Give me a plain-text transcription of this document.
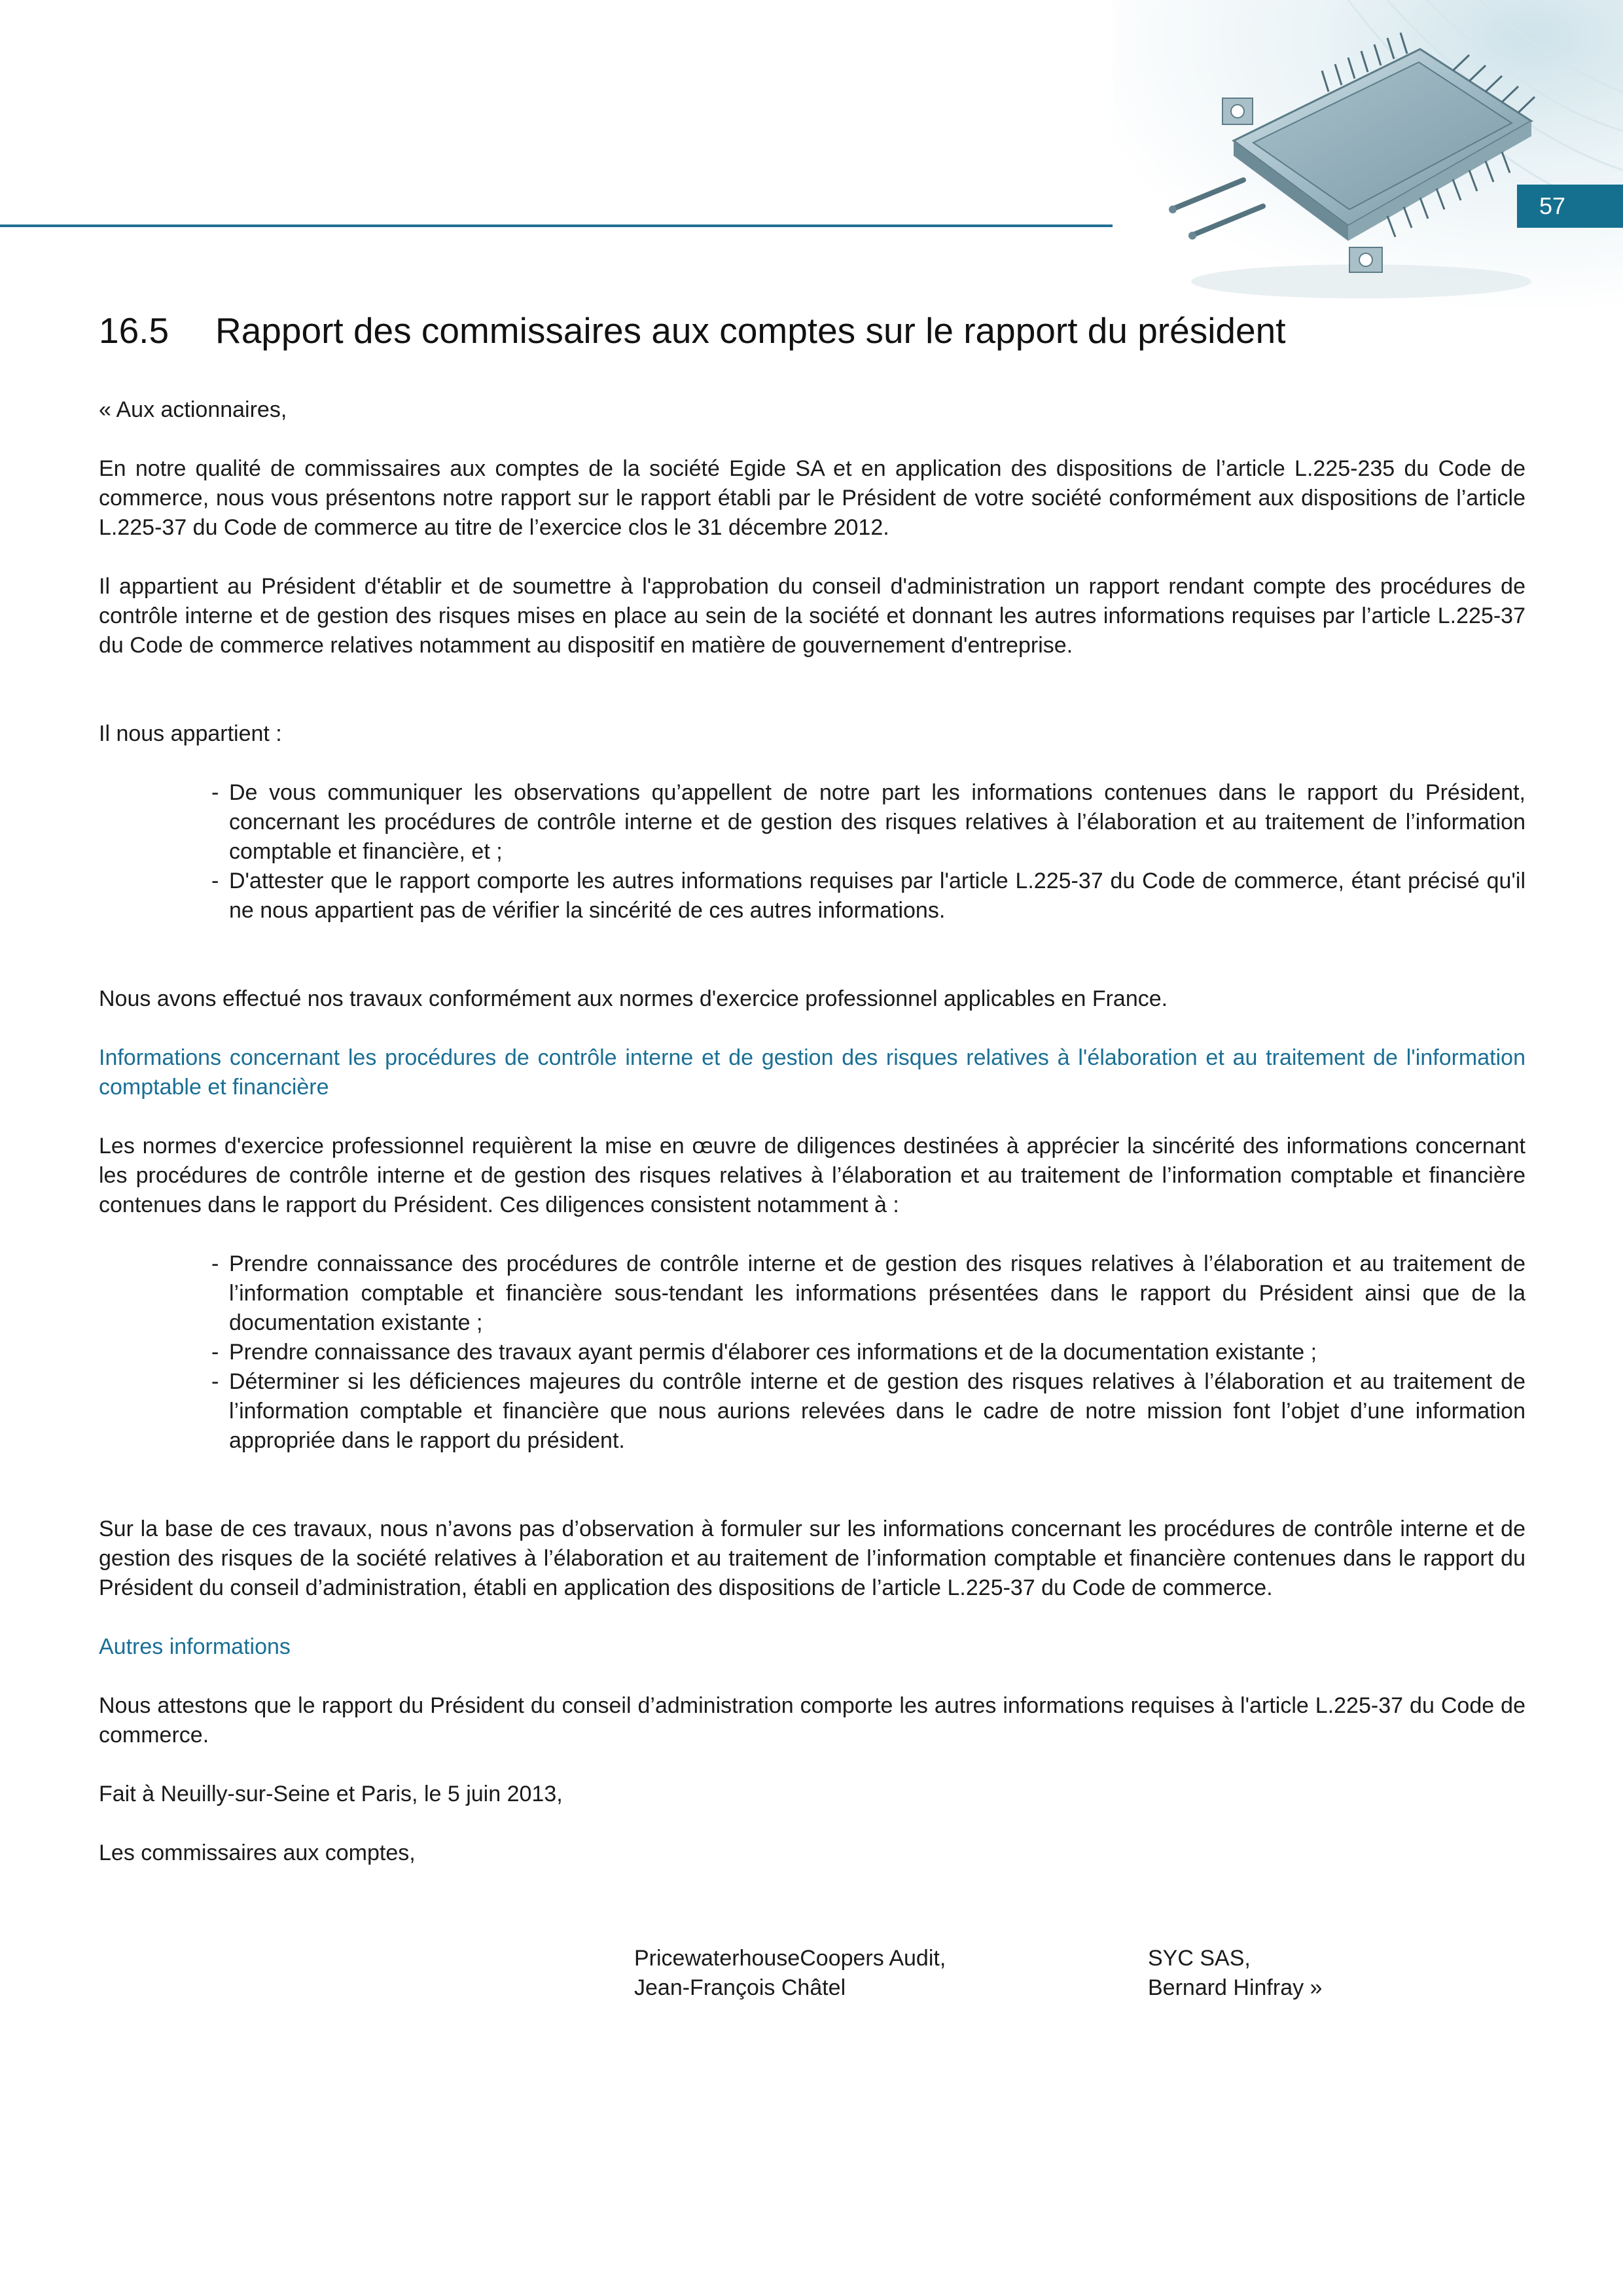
57
16.5 Rapport des commissaires aux comptes sur le rapport du président

« Aux actionnaires,

En notre qualité de commissaires aux comptes de la société Egide SA et en application des dispositions de l’article L.225-235 du Code de commerce, nous vous présentons notre rapport sur le rapport établi par le Président de votre société conformément aux dispositions de l’article L.225-37 du Code de commerce au titre de l’exercice clos le 31 décembre 2012.

Il appartient au Président d'établir et de soumettre à l'approbation du conseil d'administration un rapport rendant compte des procédures de contrôle interne et de gestion des risques mises en place au sein de la société et donnant les autres informations requises par l’article L.225-37 du Code de commerce relatives notamment au dispositif en matière de gouvernement d'entreprise.

Il nous appartient :

- De vous communiquer les observations qu’appellent de notre part les informations contenues dans le rapport du Président, concernant les procédures de contrôle interne et de gestion des risques relatives à l’élaboration et au traitement de l’information comptable et financière, et ;
- D'attester que le rapport comporte les autres informations requises par l'article L.225-37 du Code de commerce, étant précisé qu'il ne nous appartient pas de vérifier la sincérité de ces autres informations.

Nous avons effectué nos travaux conformément aux normes d'exercice professionnel applicables en France.

Informations concernant les procédures de contrôle interne et de gestion des risques relatives à l'élaboration et au traitement de l'information comptable et financière

Les normes d'exercice professionnel requièrent la mise en œuvre de diligences destinées à apprécier la sincérité des informations concernant les procédures de contrôle interne et de gestion des risques relatives à l’élaboration et au traitement de l’information comptable et financière contenues dans le rapport du Président. Ces diligences consistent notamment à :

- Prendre connaissance des procédures de contrôle interne et de gestion des risques relatives à l’élaboration et au traitement de l’information comptable et financière sous-tendant les informations présentées dans le rapport du Président ainsi que de la documentation existante ;
- Prendre connaissance des travaux ayant permis d'élaborer ces informations et de la documentation existante ;
- Déterminer si les déficiences majeures du contrôle interne et de gestion des risques relatives à l’élaboration et au traitement de l’information comptable et financière que nous aurions relevées dans le cadre de notre mission font l’objet d’une information appropriée dans le rapport du président.

Sur la base de ces travaux, nous n’avons pas d’observation à formuler sur les informations concernant les procédures de contrôle interne et de gestion des risques de la société relatives à l’élaboration et au traitement de l’information comptable et financière contenues dans le rapport du Président du conseil d’administration, établi en application des dispositions de l’article L.225-37 du Code de commerce.

Autres informations

Nous attestons que le rapport du Président du conseil d’administration comporte les autres informations requises à l'article L.225-37 du Code de commerce.

Fait à Neuilly-sur-Seine et Paris, le 5 juin 2013,

Les commissaires aux comptes,

PricewaterhouseCoopers Audit,
Jean-François Châtel
SYC SAS,
Bernard Hinfray »
